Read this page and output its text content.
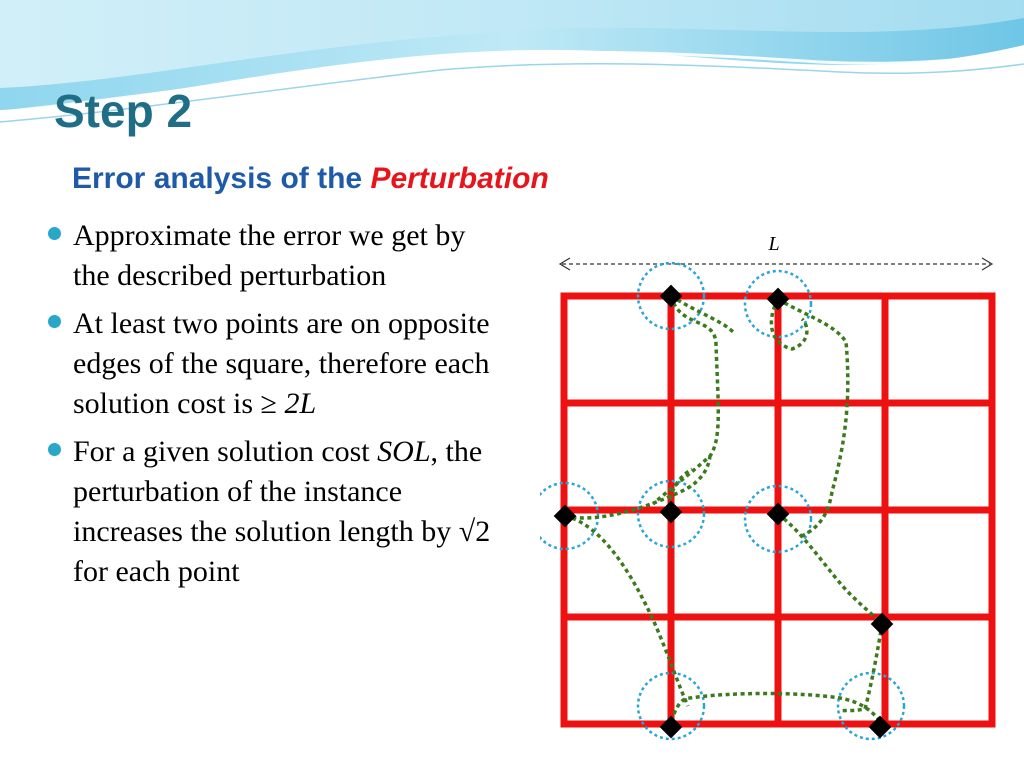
Step 2
Error analysis of the Perturbation
Approximate the error we get by the described perturbation
At least two points are on opposite edges of the square, therefore each solution cost is ≥ 2L
For a given solution cost SOL, the perturbation of the instance increases the solution length by √2 for each point
L
